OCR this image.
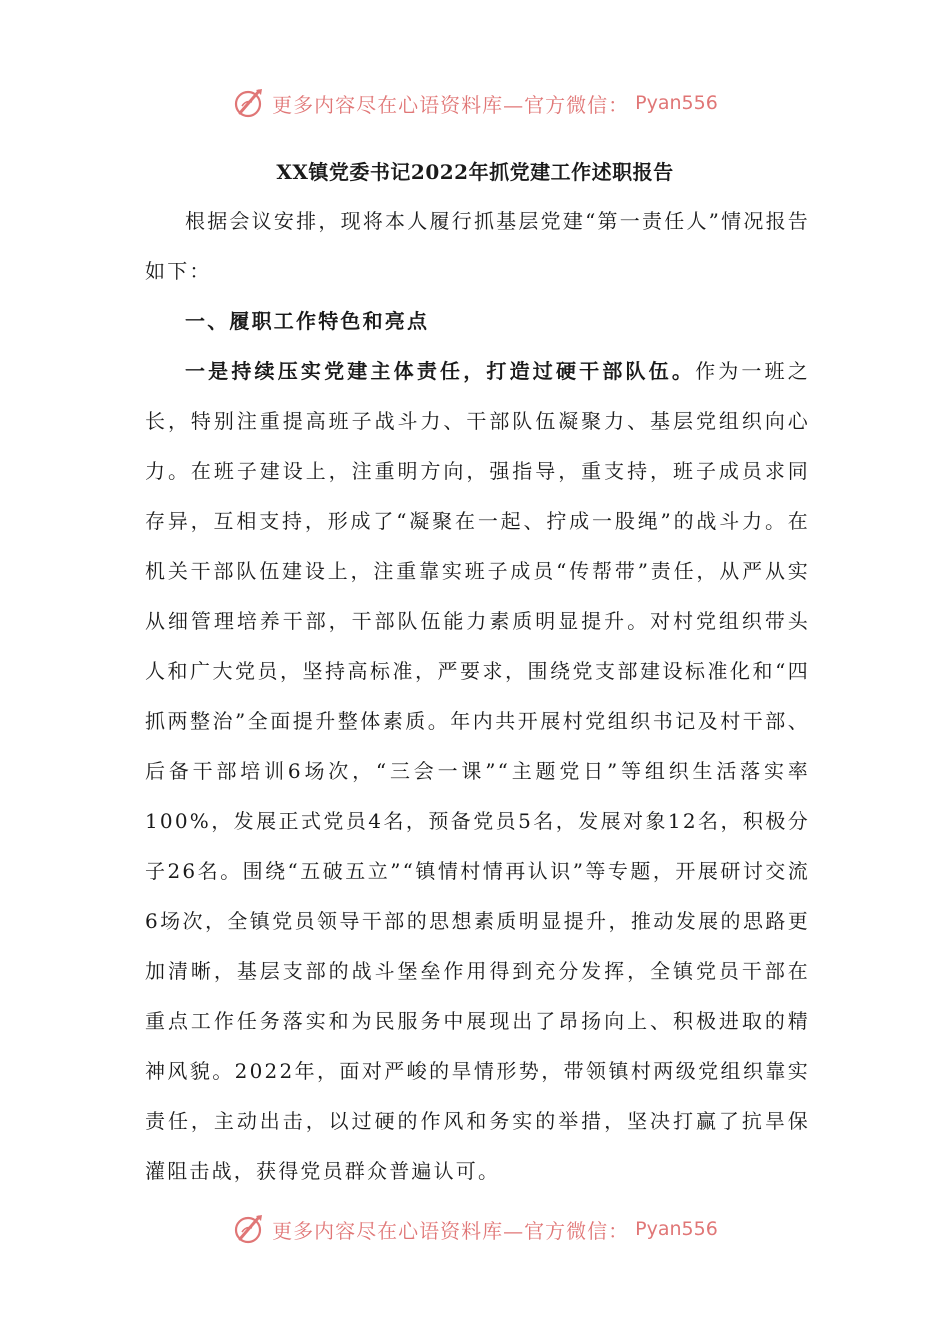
更多内容尽在心语资料库—官方微信： Pyan556
XX镇党委书记2022年抓党建工作述职报告

根据会议安排，现将本人履行抓基层党建“第一责任人”情况报告如下：

一、履职工作特色和亮点

一是持续压实党建主体责任，打造过硬干部队伍。作为一班之长，特别注重提高班子战斗力、干部队伍凝聚力、基层党组织向心力。在班子建设上，注重明方向，强指导，重支持，班子成员求同存异，互相支持，形成了“凝聚在一起、拧成一股绳”的战斗力。在机关干部队伍建设上，注重靠实班子成员“传帮带”责任，从严从实从细管理培养干部，干部队伍能力素质明显提升。对村党组织带头人和广大党员，坚持高标准，严要求，围绕党支部建设标准化和“四抓两整治”全面提升整体素质。年内共开展村党组织书记及村干部、后备干部培训6场次，“三会一课”“主题党日”等组织生活落实率100%，发展正式党员4名，预备党员5名，发展对象12名，积极分子26名。围绕“五破五立”“镇情村情再认识”等专题，开展研讨交流6场次，全镇党员领导干部的思想素质明显提升，推动发展的思路更加清晰，基层支部的战斗堡垒作用得到充分发挥，全镇党员干部在重点工作任务落实和为民服务中展现出了昂扬向上、积极进取的精神风貌。2022年，面对严峻的旱情形势，带领镇村两级党组织靠实责任，主动出击，以过硬的作风和务实的举措，坚决打赢了抗旱保灌阻击战，获得党员群众普遍认可。

更多内容尽在心语资料库—官方微信： Pyan556
